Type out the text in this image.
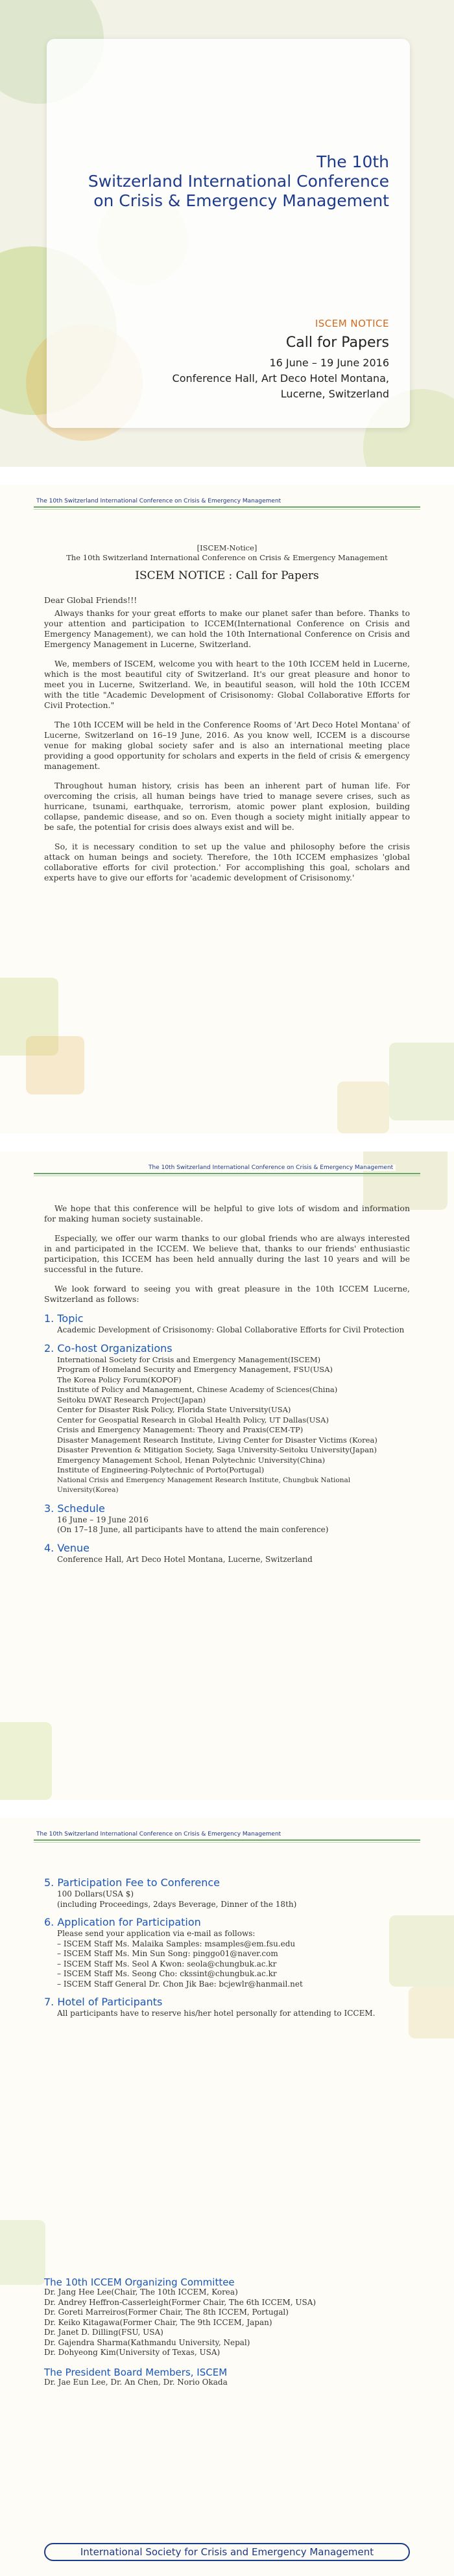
The 10th
Switzerland International Conference
on Crisis & Emergency Management
ISCEM NOTICE
Call for Papers
16 June – 19 June 2016
Conference Hall, Art Deco Hotel Montana,
Lucerne, Switzerland
The 10th Switzerland International Conference on Crisis & Emergency Management
[ISCEM-Notice]
The 10th Switzerland International Conference on Crisis & Emergency Management
ISCEM NOTICE : Call for Papers

Dear Global Friends!!!

Always thanks for your great efforts to make our planet safer than before. Thanks to your attention and participation to ICCEM(International Conference on Crisis and Emergency Management), we can hold the 10th International Conference on Crisis and Emergency Management in Lucerne, Switzerland.

We, members of ISCEM, welcome you with heart to the 10th ICCEM held in Lucerne, which is the most beautiful city of Switzerland. It's our great pleasure and honor to meet you in Lucerne, Switzerland. We, in beautiful season, will hold the 10th ICCEM with the title "Academic Development of Crisisonomy: Global Collaborative Efforts for Civil Protection."

The 10th ICCEM will be held in the Conference Rooms of 'Art Deco Hotel Montana' of Lucerne, Switzerland on 16–19 June, 2016. As you know well, ICCEM is a discourse venue for making global society safer and is also an international meeting place providing a good opportunity for scholars and experts in the field of crisis & emergency management.

Throughout human history, crisis has been an inherent part of human life. For overcoming the crisis, all human beings have tried to manage severe crises, such as hurricane, tsunami, earthquake, terrorism, atomic power plant explosion, building collapse, pandemic disease, and so on. Even though a society might initially appear to be safe, the potential for crisis does always exist and will be.

So, it is necessary condition to set up the value and philosophy before the crisis attack on human beings and society. Therefore, the 10th ICCEM emphasizes 'global collaborative efforts for civil protection.' For accomplishing this goal, scholars and experts have to give our efforts for 'academic development of Crisisonomy.'

The 10th Switzerland International Conference on Crisis & Emergency Management

We hope that this conference will be helpful to give lots of wisdom and information for making human society sustainable.

Especially, we offer our warm thanks to our global friends who are always interested in and participated in the ICCEM. We believe that, thanks to our friends' enthusiastic participation, this ICCEM has been held annually during the last 10 years and will be successful in the future.

We look forward to seeing you with great pleasure in the 10th ICCEM Lucerne, Switzerland as follows:

1. Topic
Academic Development of Crisisonomy: Global Collaborative Efforts for Civil Protection
2. Co-host Organizations
International Society for Crisis and Emergency Management(ISCEM)
Program of Homeland Security and Emergency Management, FSU(USA)
The Korea Policy Forum(KOPOF)
Institute of Policy and Management, Chinese Academy of Sciences(China)
Seitoku DWAT Research Project(Japan)
Center for Disaster Risk Policy, Florida State University(USA)
Center for Geospatial Research in Global Health Policy, UT Dallas(USA)
Crisis and Emergency Management: Theory and Praxis(CEM-TP)
Disaster Management Research Institute, Living Center for Disaster Victims (Korea)
Disaster Prevention & Mitigation Society, Saga University-Seitoku University(Japan)
Emergency Management School, Henan Polytechnic University(China)
Institute of Engineering-Polytechnic of Porto(Portugal)
National Crisis and Emergency Management Research Institute, Chungbuk National University(Korea)
3. Schedule
16 June – 19 June 2016
(On 17–18 June, all participants have to attend the main conference)
4. Venue
Conference Hall, Art Deco Hotel Montana, Lucerne, Switzerland
The 10th Switzerland International Conference on Crisis & Emergency Management
5. Participation Fee to Conference
100 Dollars(USA $)
(including Proceedings, 2days Beverage, Dinner of the 18th)
6. Application for Participation
Please send your application via e-mail as follows:
– ISCEM Staff Ms. Malaika Samples: msamples@em.fsu.edu
– ISCEM Staff Ms. Min Sun Song: pinggo01@naver.com
– ISCEM Staff Ms. Seol A Kwon: seola@chungbuk.ac.kr
– ISCEM Staff Ms. Seong Cho: ckssint@chungbuk.ac.kr
– ISCEM Staff General Dr. Chon Jik Bae: bcjewlr@hanmail.net
7. Hotel of Participants
All participants have to reserve his/her hotel personally for attending to ICCEM.
The 10th ICCEM Organizing Committee
Dr. Jang Hee Lee(Chair, The 10th ICCEM, Korea)
Dr. Andrey Heffron-Casserleigh(Former Chair, The 6th ICCEM, USA)
Dr. Goreti Marreiros(Former Chair, The 8th ICCEM, Portugal)
Dr. Keiko Kitagawa(Former Chair, The 9th ICCEM, Japan)
Dr. Janet D. Dilling(FSU, USA)
Dr. Gajendra Sharma(Kathmandu University, Nepal)
Dr. Dohyeong Kim(University of Texas, USA)
The President Board Members, ISCEM
Dr. Jae Eun Lee, Dr. An Chen, Dr. Norio Okada
International Society for Crisis and Emergency Management
